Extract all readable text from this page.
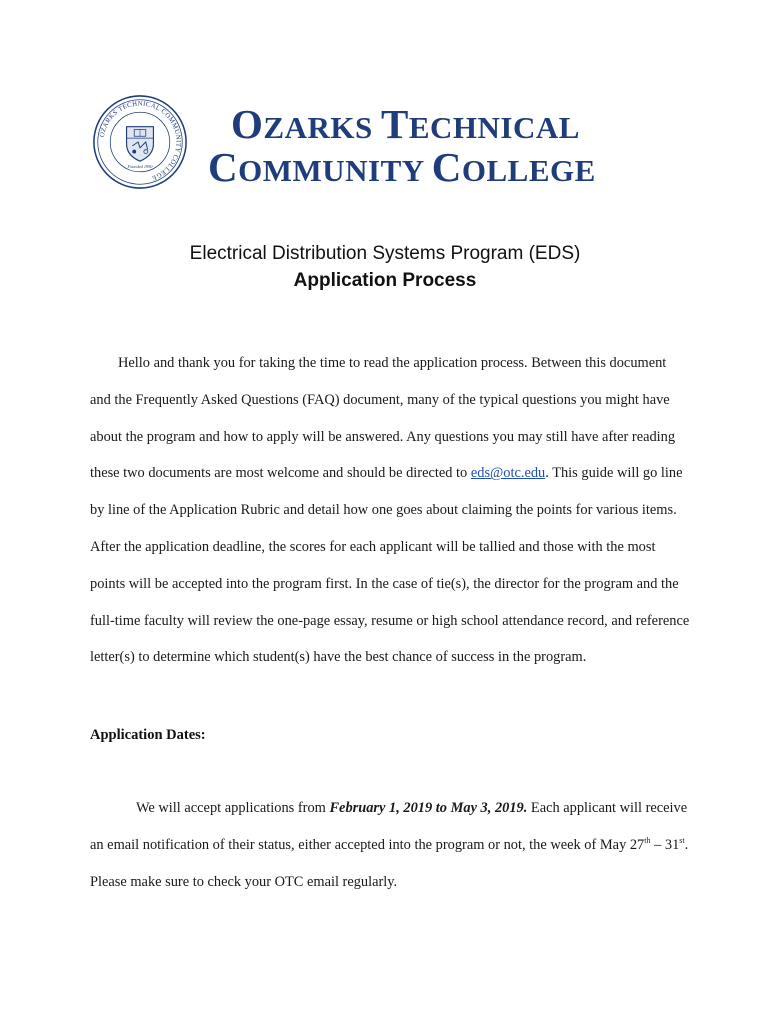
OZARKS TECHNICAL COMMUNITY COLLEGE
Founded 1990
OZARKS TECHNICAL
COMMUNITY COLLEGE
Electrical Distribution Systems Program (EDS)
Application Process

Hello and thank you for taking the time to read the application process. Between this document and the Frequently Asked Questions (FAQ) document, many of the typical questions you might have about the program and how to apply will be answered. Any questions you may still have after reading these two documents are most welcome and should be directed to eds@otc.edu. This guide will go line by line of the Application Rubric and detail how one goes about claiming the points for various items. After the application deadline, the scores for each applicant will be tallied and those with the most points will be accepted into the program first. In the case of tie(s), the director for the program and the full-time faculty will review the one-page essay, resume or high school attendance record, and reference letter(s) to determine which student(s) have the best chance of success in the program.

Application Dates:

We will accept applications from February 1, 2019 to May 3, 2019. Each applicant will receive an email notification of their status, either accepted into the program or not, the week of May 27th – 31st. Please make sure to check your OTC email regularly.
